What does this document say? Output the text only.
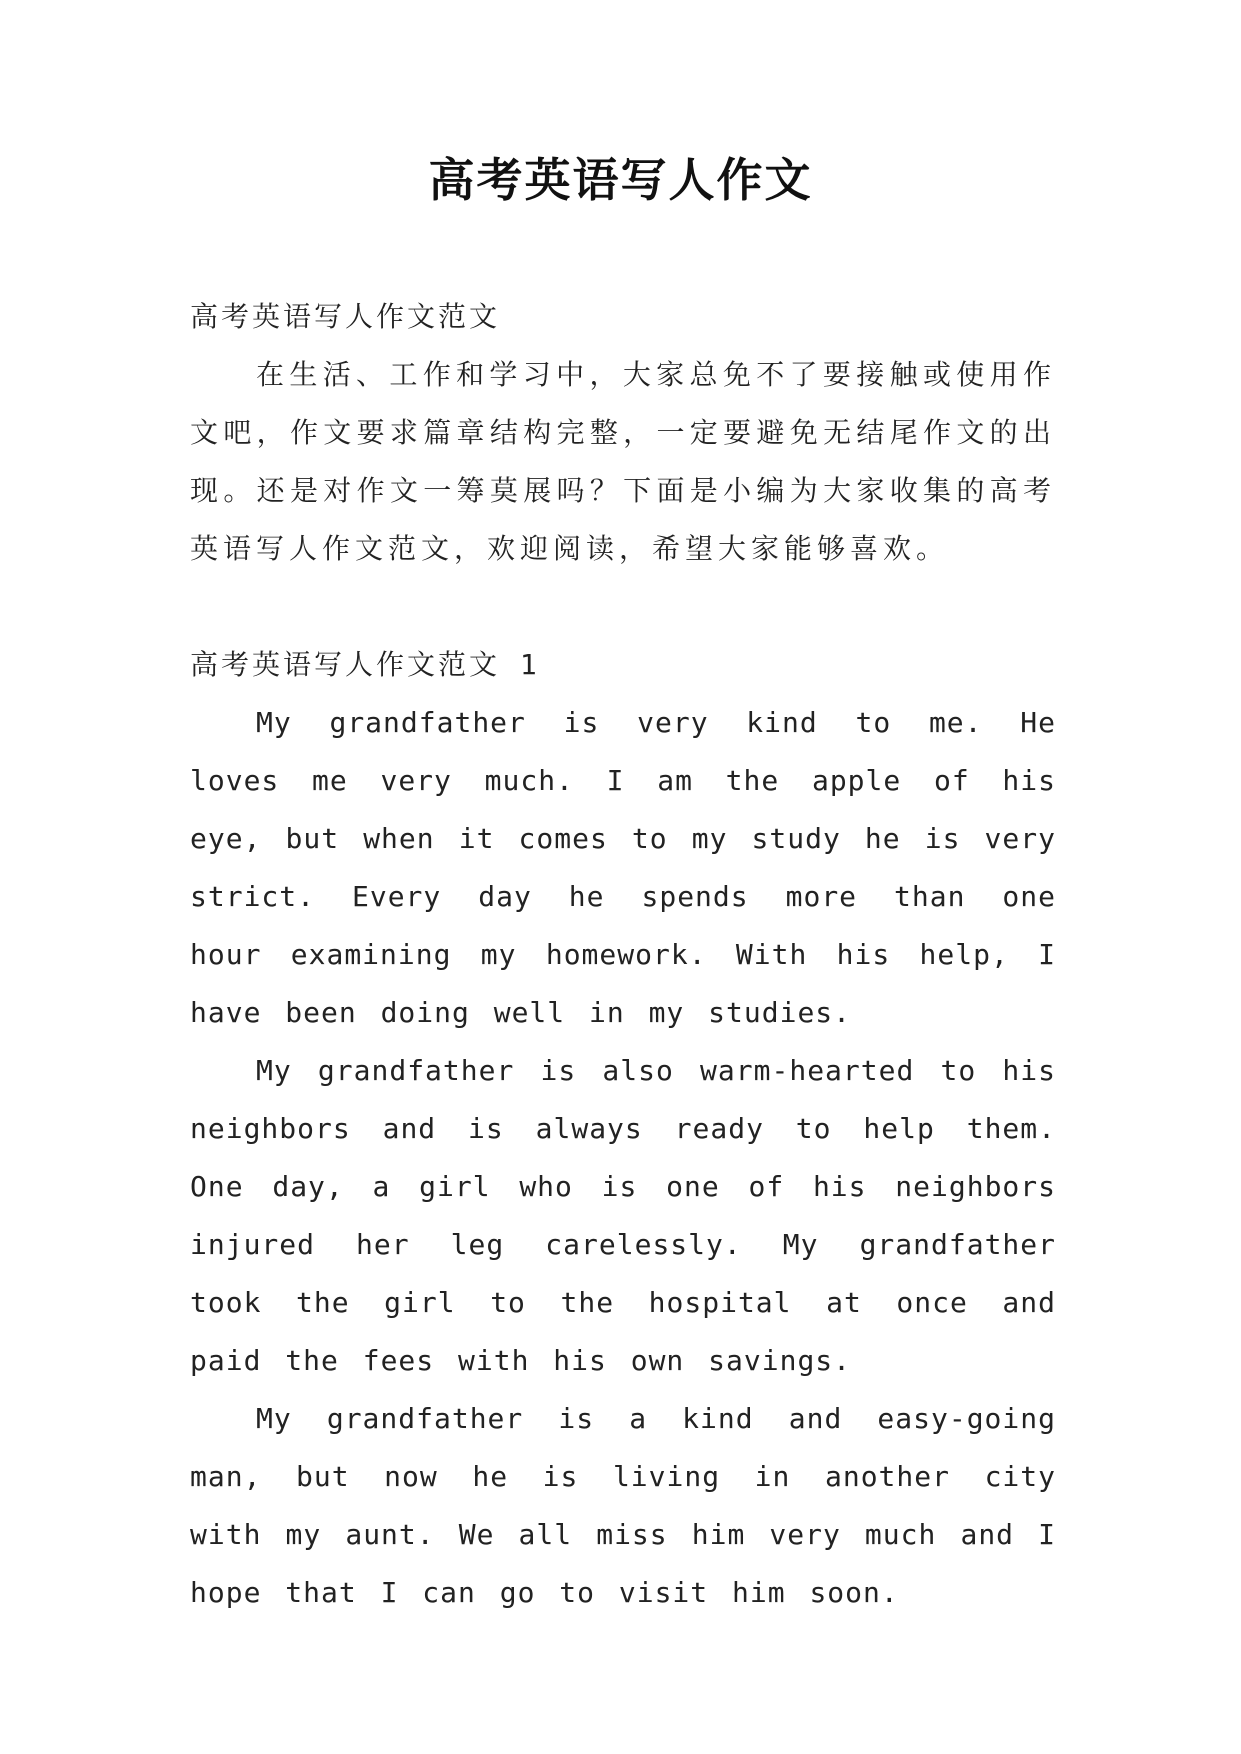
高考英语写人作文
高考英语写人作文范文

在生活、工作和学习中，大家总免不了要接触或使用作文吧，作文要求篇章结构完整，一定要避免无结尾作文的出现。还是对作文一筹莫展吗？下面是小编为大家收集的高考英语写人作文范文，欢迎阅读，希望大家能够喜欢。

高考英语写人作文范文 1

My grandfather is very kind to me. He loves me very much. I am the apple of his eye, but when it comes to my study he is very strict. Every day he spends more than one hour examining my homework. With his help, I have been doing well in my studies.

My grandfather is also warm-hearted to his neighbors and is always ready to help them. One day, a girl who is one of his neighbors injured her leg carelessly. My grandfather took the girl to the hospital at once and paid the fees with his own savings.

My grandfather is a kind and easy-going man, but now he is living in another city with my aunt. We all miss him very much and I hope that I can go to visit him soon.
